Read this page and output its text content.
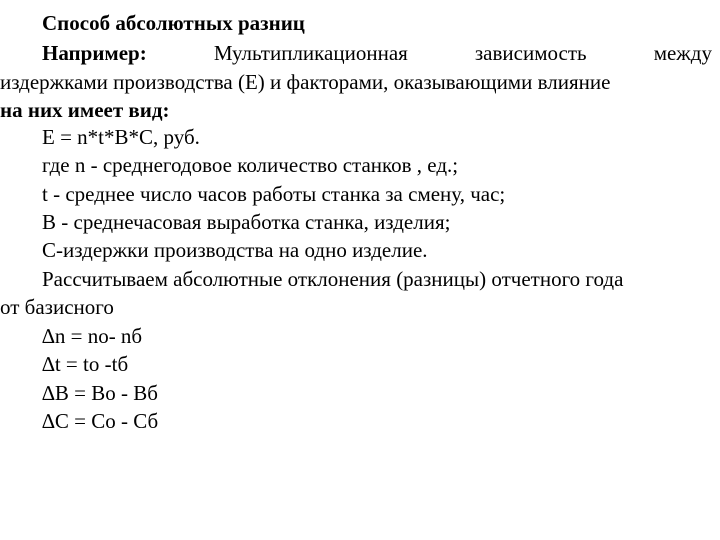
Способ абсолютных разниц
Например:	Мультипликационная	зависимость	между
издержками производства (Е) и факторами, оказывающими влияние
на них имеет вид:
Е = n*t*B*C, руб.
где n - среднегодовое количество станков , ед.;
t - среднее число часов работы станка за смену, час;
В - среднечасовая выработка станка, изделия;
С-издержки производства на одно изделие.
Рассчитываем абсолютные отклонения (разницы) отчетного года
от базисного
∆n = nо- nб
∆t = tо -tб
∆В = Во - Вб
∆С = Со - Сб
